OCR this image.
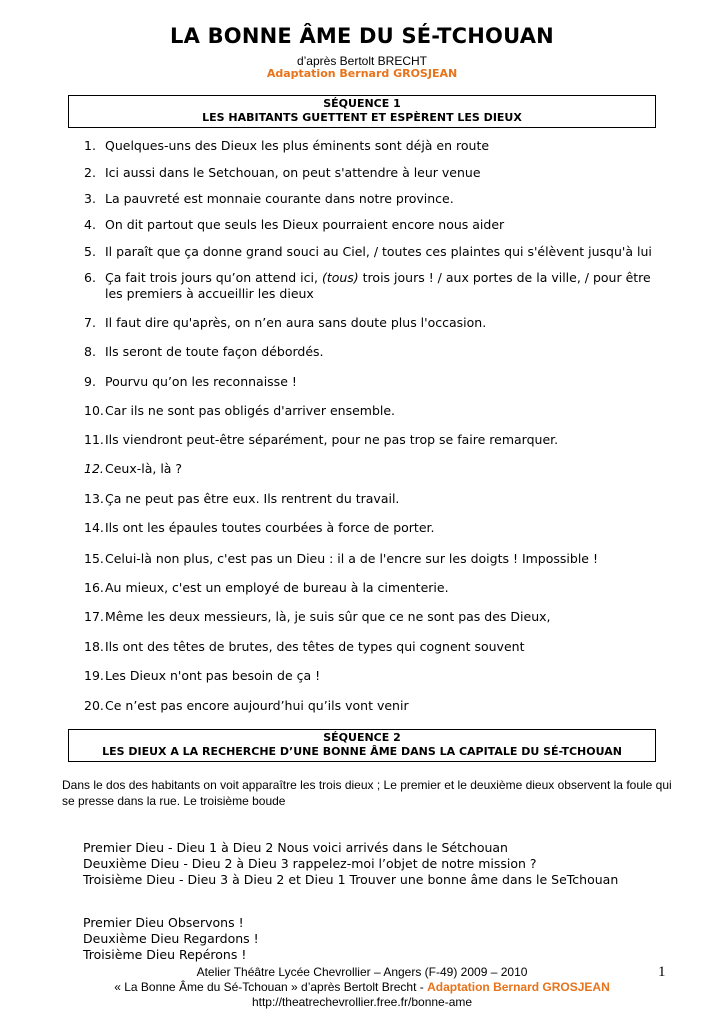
LA BONNE ÂME DU SÉ-TCHOUAN
d’après Bertolt BRECHT
Adaptation Bernard GROSJEAN
SÉQUENCE 1
LES HABITANTS GUETTENT ET ESPÈRENT LES DIEUX
1. Quelques-uns des Dieux les plus éminents sont déjà en route
2. Ici aussi dans le Setchouan, on peut s'attendre à leur venue
3. La pauvreté est monnaie courante dans notre province.
4. On dit partout que seuls les Dieux pourraient encore nous aider
5. Il paraît que ça donne grand souci au Ciel, / toutes ces plaintes qui s'élèvent jusqu'à lui
6. Ça fait trois jours qu’on attend ici, (tous) trois jours ! / aux portes de la ville, / pour être les premiers à accueillir les dieux
7. Il faut dire qu'après, on n’en aura sans doute plus l'occasion.
8. Ils seront de toute façon débordés.
9. Pourvu qu’on les reconnaisse !
10. Car ils ne sont pas obligés d'arriver ensemble.
11. Ils viendront peut-être séparément, pour ne pas trop se faire remarquer.
12. Ceux-là, là ?
13. Ça ne peut pas être eux. Ils rentrent du travail.
14. Ils ont les épaules toutes courbées à force de porter.
15. Celui-là non plus, c'est pas un Dieu : il a de l'encre sur les doigts ! Impossible !
16. Au mieux, c'est un employé de bureau à la cimenterie.
17. Même les deux messieurs, là, je suis sûr que ce ne sont pas des Dieux,
18. Ils ont des têtes de brutes, des têtes de types qui cognent souvent
19. Les Dieux n'ont pas besoin de ça !
20. Ce n’est pas encore aujourd’hui qu’ils vont venir
SÉQUENCE 2
LES DIEUX A LA RECHERCHE D’UNE BONNE ÂME DANS LA CAPITALE DU SÉ-TCHOUAN
Dans le dos des habitants on voit apparaître les trois dieux ; Le premier et le deuxième dieux observent la foule qui se presse dans la rue. Le troisième boude
Premier Dieu - Dieu 1 à Dieu 2 Nous voici arrivés dans le Sétchouan
Deuxième Dieu - Dieu 2 à Dieu 3 rappelez-moi l’objet de notre mission ?
Troisième Dieu - Dieu 3 à Dieu 2 et Dieu 1 Trouver une bonne âme dans le SeTchouan
Premier Dieu Observons !
Deuxième Dieu Regardons !
Troisième Dieu Repérons !
Atelier Théâtre Lycée Chevrollier – Angers (F-49) 2009 – 2010
« La Bonne Âme du Sé-Tchouan » d’après Bertolt Brecht - Adaptation Bernard GROSJEAN
http://theatrechevrollier.free.fr/bonne-ame
1
